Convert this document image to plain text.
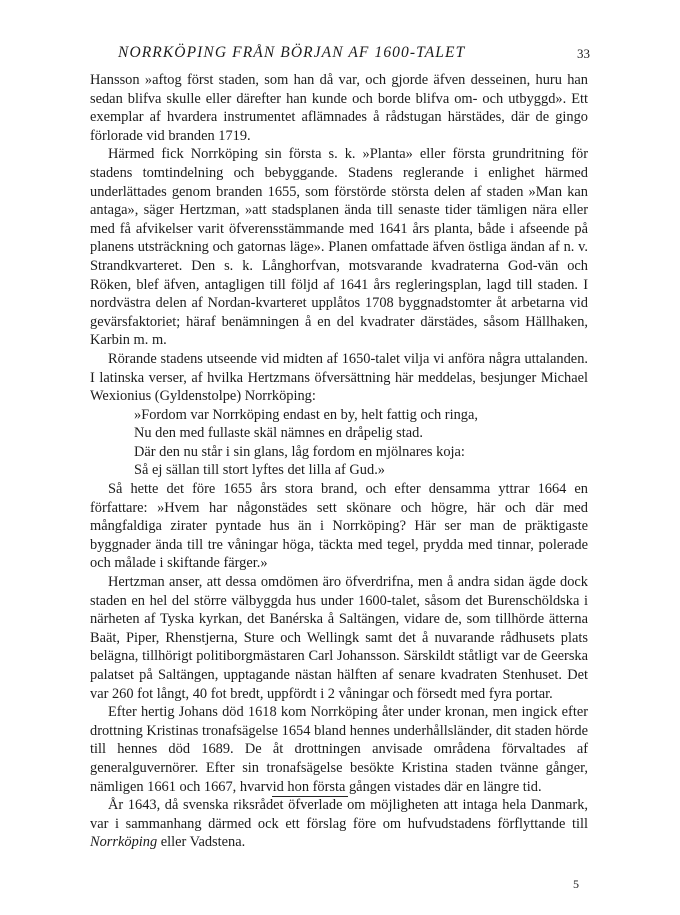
NORRKÖPING FRÅN BÖRJAN AF 1600-TALET	33

Hansson »aftog först staden, som han då var, och gjorde äfven desseinen, huru han sedan blifva skulle eller därefter han kunde och borde blifva om- och utbyggd». Ett exemplar af hvardera instrumentet aflämnades å rådstugan härstädes, där de gingo förlorade vid branden 1719.

Härmed fick Norrköping sin första s. k. »Planta» eller första grundritning för stadens tomtindelning och bebyggande. Stadens reglerande i enlighet härmed underlättades genom branden 1655, som förstörde största delen af staden »Man kan antaga», säger Hertzman, »att stadsplanen ända till senaste tider tämligen nära eller med få afvikelser varit öfverensstämmande med 1641 års planta, både i afseende på planens utsträckning och gatornas läge». Planen omfattade äfven östliga ändan af n. v. Strandkvarteret. Den s. k. Långhorfvan, motsvarande kvadraterna God-vän och Röken, blef äfven, antagligen till följd af 1641 års regleringsplan, lagd till staden. I nordvästra delen af Nordan-kvarteret upplåtos 1708 byggnadstomter åt arbetarna vid gevärsfaktoriet; häraf benämningen å en del kvadrater därstädes, såsom Hällhaken, Karbin m. m.

Rörande stadens utseende vid midten af 1650-talet vilja vi anföra några uttalanden. I latinska verser, af hvilka Hertzmans öfversättning här meddelas, besjunger Michael Wexionius (Gyldenstolpe) Norrköping:

»Fordom var Norrköping endast en by, helt fattig och ringa,
Nu den med fullaste skäl nämnes en dråpelig stad.
Där den nu står i sin glans, låg fordom en mjölnares koja:
Så ej sällan till stort lyftes det lilla af Gud.»

Så hette det före 1655 års stora brand, och efter densamma yttrar 1664 en författare: »Hvem har någonstädes sett skönare och högre, här och där med mångfaldiga zirater pyntade hus än i Norrköping? Här ser man de präktigaste byggnader ända till tre våningar höga, täckta med tegel, prydda med tinnar, polerade och målade i skiftande färger.»

Hertzman anser, att dessa omdömen äro öfverdrifna, men å andra sidan ägde dock staden en hel del större välbyggda hus under 1600-talet, såsom det Burenschöldska i närheten af Tyska kyrkan, det Banérska å Saltängen, vidare de, som tillhörde ätterna Baät, Piper, Rhenstjerna, Sture och Wellingk samt det å nuvarande rådhusets plats belägna, tillhörigt politiborgmästaren Carl Johansson. Särskildt ståtligt var de Geerska palatset på Saltängen, upptagande nästan hälften af senare kvadraten Stenhuset. Det var 260 fot långt, 40 fot bredt, uppfördt i 2 våningar och försedt med fyra portar.

Efter hertig Johans död 1618 kom Norrköping åter under kronan, men ingick efter drottning Kristinas tronafsägelse 1654 bland hennes underhållsländer, dit staden hörde till hennes död 1689. De åt drottningen anvisade områdena förvaltades af generalguvernörer. Efter sin tronafsägelse besökte Kristina staden tvänne gånger, nämligen 1661 och 1667, hvarvid hon första gången vistades där en längre tid.

År 1643, då svenska riksrådet öfverlade om möjligheten att intaga hela Danmark, var i sammanhang därmed ock ett förslag före om hufvudstadens förflyttande till Norrköping eller Vadstena.

5
